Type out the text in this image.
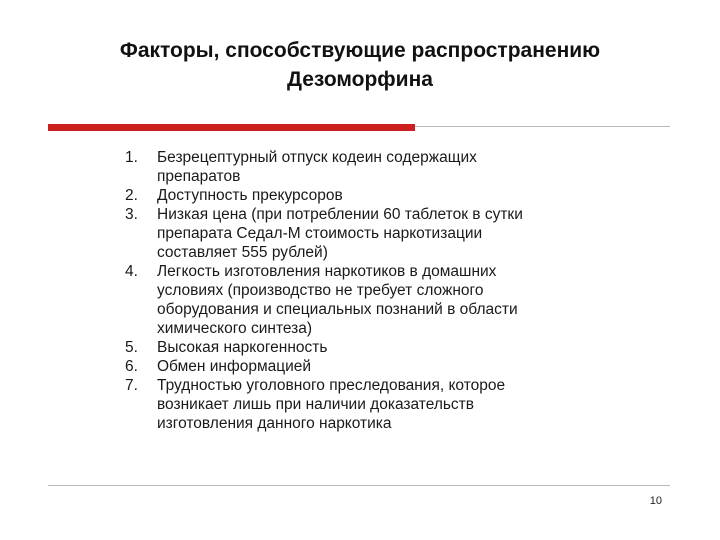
Факторы, способствующие распространению
Дезоморфина
1. Безрецептурный отпуск кодеин содержащих
препаратов
2. Доступность прекурсоров
3. Низкая цена (при потреблении 60 таблеток в сутки
препарата Седал-М стоимость наркотизации
составляет 555 рублей)
4. Легкость изготовления наркотиков в домашних
условиях (производство не требует сложного
оборудования и специальных познаний в области
химического синтеза)
5. Высокая наркогенность
6. Обмен информацией
7. Трудностью уголовного преследования, которое
возникает лишь при наличии доказательств
изготовления данного наркотика
10
